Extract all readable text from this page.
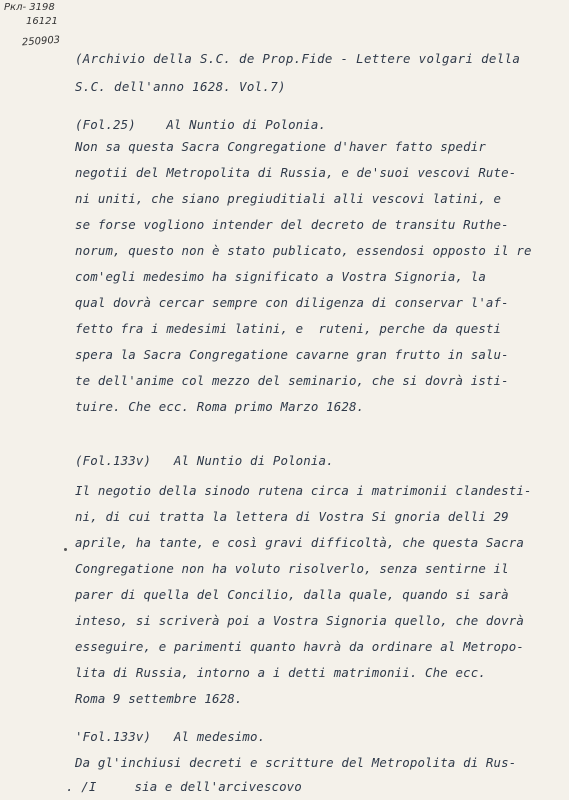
Ркл- 3198
16121
250903
(Archivio della S.C. de Prop.Fide - Lettere volgari della
S.C. dell'anno 1628. Vol.7)
(Fol.25)    Al Nuntio di Polonia.
Non sa questa Sacra Congregatione d'haver fatto spedir
negotii del Metropolita di Russia, e de'suoi vescovi Rute-
ni uniti, che siano pregiuditiali alli vescovi latini, e
se forse vogliono intender del decreto de transitu Ruthe-
norum, questo non è stato publicato, essendosi opposto il re
com'egli medesimo ha significato a Vostra Signoria, la
qual dovrà cercar sempre con diligenza di conservar l'af-
fetto fra i medesimi latini, e  ruteni, perche da questi
spera la Sacra Congregatione cavarne gran frutto in salu-
te dell'anime col mezzo del seminario, che si dovrà isti-
tuire. Che ecc. Roma primo Marzo 1628.
(Fol.133v)   Al Nuntio di Polonia.
Il negotio della sinodo rutena circa i matrimonii clandesti-
ni, di cui tratta la lettera di Vostra Si gnoria delli 29
aprile, ha tante, e così gravi difficoltà, che questa Sacra
Congregatione non ha voluto risolverlo, senza sentirne il
parer di quella del Concilio, dalla quale, quando si sarà
inteso, si scriverà poi a Vostra Signoria quello, che dovrà
esseguire, e parimenti quanto havrà da ordinare al Metropo-
lita di Russia, intorno a i detti matrimonii. Che ecc.
Roma 9 settembre 1628.
'Fol.133v)   Al medesimo.
Da gl'inchiusi decreti e scritture del Metropolita di Rus-
. /I     sia e dell'arcivescovo
